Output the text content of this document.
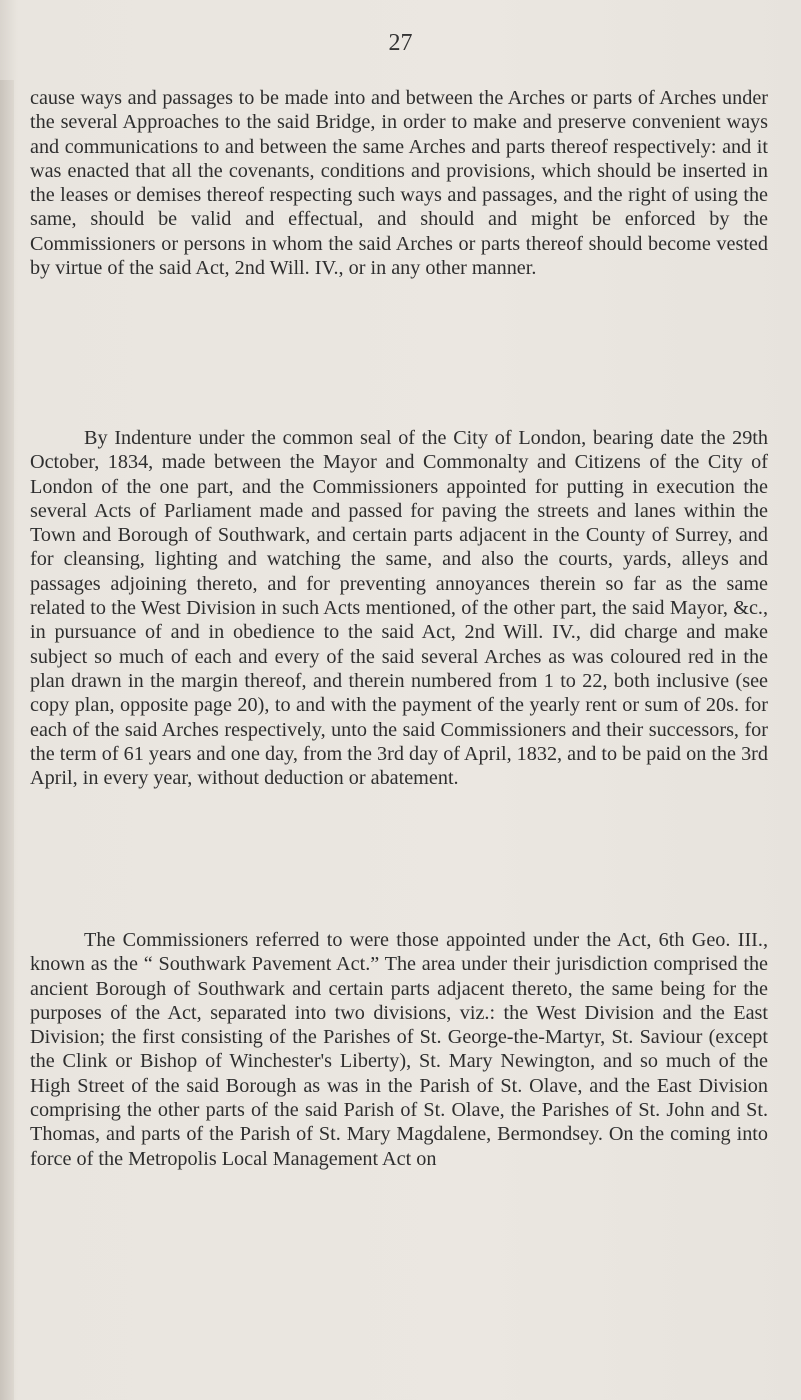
27

cause ways and passages to be made into and between the Arches or parts of Arches under the several Approaches to the said Bridge, in order to make and preserve convenient ways and communications to and between the same Arches and parts thereof respectively: and it was enacted that all the covenants, conditions and provisions, which should be inserted in the leases or demises thereof respecting such ways and passages, and the right of using the same, should be valid and effectual, and should and might be enforced by the Commissioners or persons in whom the said Arches or parts thereof should become vested by virtue of the said Act, 2nd Will. IV., or in any other manner.

By Indenture under the common seal of the City of London, bearing date the 29th October, 1834, made between the Mayor and Commonalty and Citizens of the City of London of the one part, and the Commissioners appointed for putting in execution the several Acts of Parliament made and passed for paving the streets and lanes within the Town and Borough of Southwark, and certain parts adjacent in the County of Surrey, and for cleansing, lighting and watching the same, and also the courts, yards, alleys and passages adjoining thereto, and for preventing annoyances therein so far as the same related to the West Division in such Acts mentioned, of the other part, the said Mayor, &c., in pursuance of and in obedience to the said Act, 2nd Will. IV., did charge and make subject so much of each and every of the said several Arches as was coloured red in the plan drawn in the margin thereof, and therein numbered from 1 to 22, both inclusive (see copy plan, opposite page 20), to and with the payment of the yearly rent or sum of 20s. for each of the said Arches respectively, unto the said Commissioners and their successors, for the term of 61 years and one day, from the 3rd day of April, 1832, and to be paid on the 3rd April, in every year, without deduction or abatement.

The Commissioners referred to were those appointed under the Act, 6th Geo. III., known as the “ Southwark Pavement Act.” The area under their jurisdiction comprised the ancient Borough of Southwark and certain parts adjacent thereto, the same being for the purposes of the Act, separated into two divisions, viz.: the West Division and the East Division; the first consisting of the Parishes of St. George-the-Martyr, St. Saviour (except the Clink or Bishop of Winchester's Liberty), St. Mary Newington, and so much of the High Street of the said Borough as was in the Parish of St. Olave, and the East Division comprising the other parts of the said Parish of St. Olave, the Parishes of St. John and St. Thomas, and parts of the Parish of St. Mary Magdalene, Bermondsey. On the coming into force of the Metropolis Local Management Act on
